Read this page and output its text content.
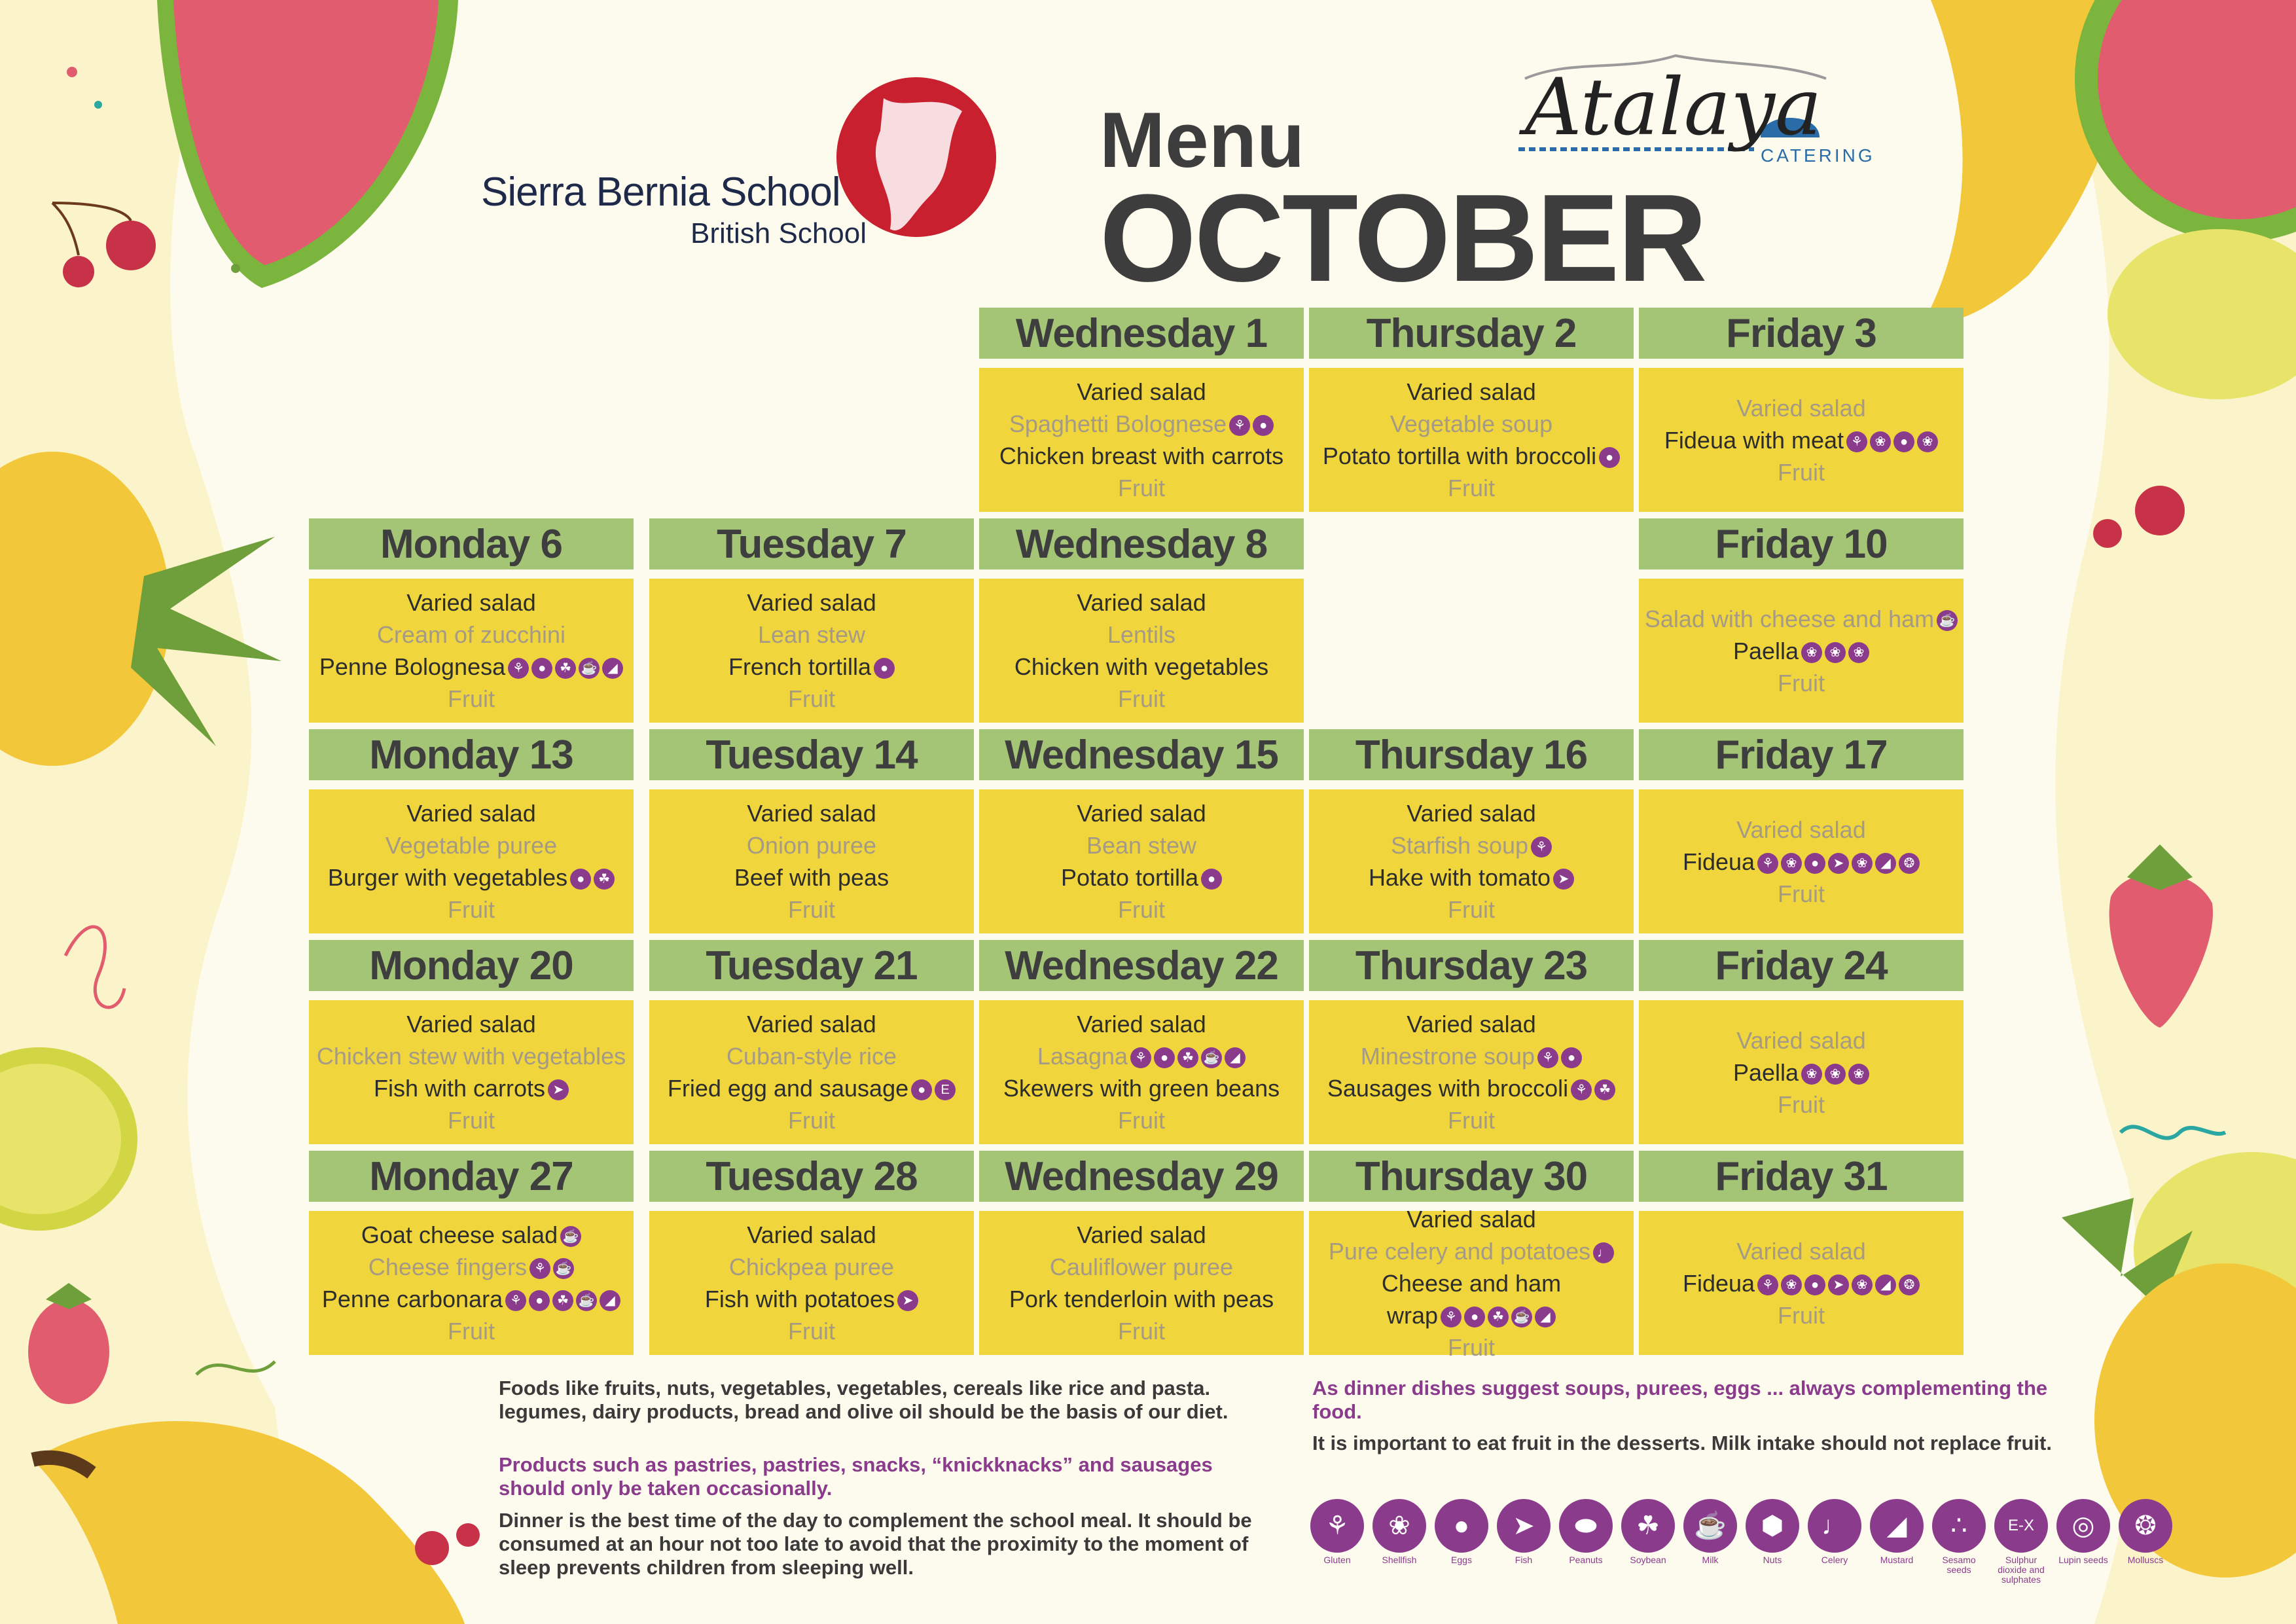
Sierra Bernia School
British School
Menu
OCTOBER
Atalaya
CATERING
Wednesday 1
Varied salad
Spaghetti Bolognese ⚘ ●
Chicken breast with carrots
Fruit
Thursday 2
Varied salad
Vegetable soup
Potato tortilla with broccoli ●
Fruit
Friday 3
Varied salad
Fideua with meat ⚘ ❀ ● ❀
Fruit
Monday 6
Varied salad
Cream of zucchini
Penne Bolognesa ⚘ ● ☘ ☕ ◢
Fruit
Tuesday 7
Varied salad
Lean stew
French tortilla ●
Fruit
Wednesday 8
Varied salad
Lentils
Chicken with vegetables
Fruit
Friday 10
Salad with cheese and ham ☕
Paella ❀ ❀ ❀
Fruit
Monday 13
Varied salad
Vegetable puree
Burger with vegetables ● ☘
Fruit
Tuesday 14
Varied salad
Onion puree
Beef with peas
Fruit
Wednesday 15
Varied salad
Bean stew
Potato tortilla ●
Fruit
Thursday 16
Varied salad
Starfish soup ⚘
Hake with tomato ➤
Fruit
Friday 17
Varied salad
Fideua ⚘ ❀ ● ➤ ❀ ◢ ❂
Fruit
Monday 20
Varied salad
Chicken stew with vegetables
Fish with carrots ➤
Fruit
Tuesday 21
Varied salad
Cuban-style rice
Fried egg and sausage ● E
Fruit
Wednesday 22
Varied salad
Lasagna ⚘ ● ☘ ☕ ◢
Skewers with green beans
Fruit
Thursday 23
Varied salad
Minestrone soup ⚘ ●
Sausages with broccoli ⚘ ☘
Fruit
Friday 24
Varied salad
Paella ❀ ❀ ❀
Fruit
Monday 27
Goat cheese salad ☕
Cheese fingers ⚘ ☕
Penne carbonara ⚘ ● ☘ ☕ ◢
Fruit
Tuesday 28
Varied salad
Chickpea puree
Fish with potatoes ➤
Fruit
Wednesday 29
Varied salad
Cauliflower puree
Pork tenderloin with peas
Fruit
Thursday 30
Varied salad
Pure celery and potatoes ♩
Cheese and ham
wrap ⚘ ● ☘ ☕ ◢
Fruit
Friday 31
Varied salad
Fideua ⚘ ❀ ● ➤ ❀ ◢ ❂
Fruit
Foods like fruits, nuts, vegetables, vegetables, cereals like rice and pasta. legumes, dairy products, bread and olive oil should be the basis of our diet.
Products such as pastries, pastries, snacks, “knickknacks” and sausages should only be taken occasionally.
Dinner is the best time of the day to complement the school meal. It should be consumed at an hour not too late to avoid that the proximity to the moment of sleep prevents children from sleeping well.
As dinner dishes suggest soups, purees, eggs ... always complementing the food.
It is important to eat fruit in the desserts. Milk intake should not replace fruit.
⚘
Gluten
❀
Shellfish
●
Eggs
➤
Fish
⬬
Peanuts
☘
Soybean
☕
Milk
⬢
Nuts
♩
Celery
◢
Mustard
∴
Sesamo seeds
E-X
Sulphur dioxide and sulphates
◎
Lupin seeds
❂
Molluscs
